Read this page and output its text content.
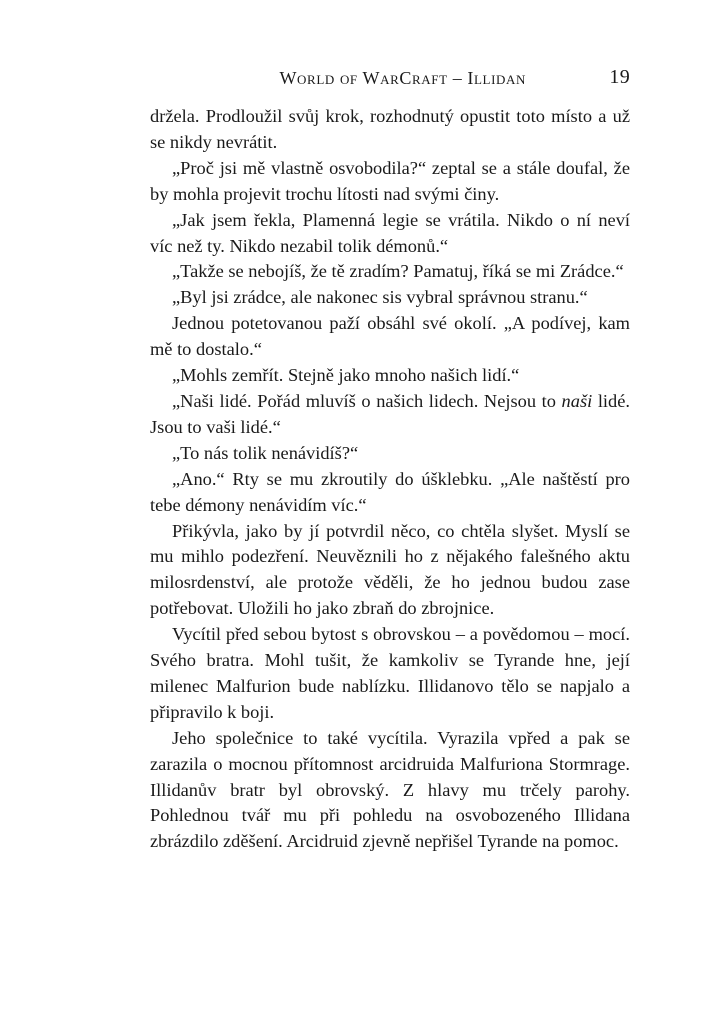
World of WarCraft – Illidan	19

držela. Prodloužil svůj krok, rozhodnutý opustit toto místo a už se nikdy nevrátit.

„Proč jsi mě vlastně osvobodila?“ zeptal se a stále doufal, že by mohla projevit trochu lítosti nad svými činy.

„Jak jsem řekla, Plamenná legie se vrátila. Nikdo o ní neví víc než ty. Nikdo nezabil tolik démonů.“

„Takže se nebojíš, že tě zradím? Pamatuj, říká se mi Zrádce.“

„Byl jsi zrádce, ale nakonec sis vybral správnou stranu.“

Jednou potetovanou paží obsáhl své okolí. „A podívej, kam mě to dostalo.“

„Mohls zemřít. Stejně jako mnoho našich lidí.“

„Naši lidé. Pořád mluvíš o našich lidech. Nejsou to naši lidé. Jsou to vaši lidé.“

„To nás tolik nenávidíš?“

„Ano.“ Rty se mu zkroutily do úšklebku. „Ale naštěstí pro tebe démony nenávidím víc.“

Přikývla, jako by jí potvrdil něco, co chtěla slyšet. Myslí se mu mihlo podezření. Neuvěznili ho z nějakého falešného aktu milosrdenství, ale protože věděli, že ho jednou budou zase potřebovat. Uložili ho jako zbraň do zbrojnice.

Vycítil před sebou bytost s obrovskou – a povědomou – mocí. Svého bratra. Mohl tušit, že kamkoliv se Tyrande hne, její milenec Malfurion bude nablízku. Illidanovo tělo se napjalo a připravilo k boji.

Jeho společnice to také vycítila. Vyrazila vpřed a pak se zarazila o mocnou přítomnost arcidruida Malfuriona Stormrage. Illidanův bratr byl obrovský. Z hlavy mu trčely parohy. Pohlednou tvář mu při pohledu na osvobozeného Illidana zbrázdilo zděšení. Arcidruid zjevně nepřišel Tyrande na pomoc.
